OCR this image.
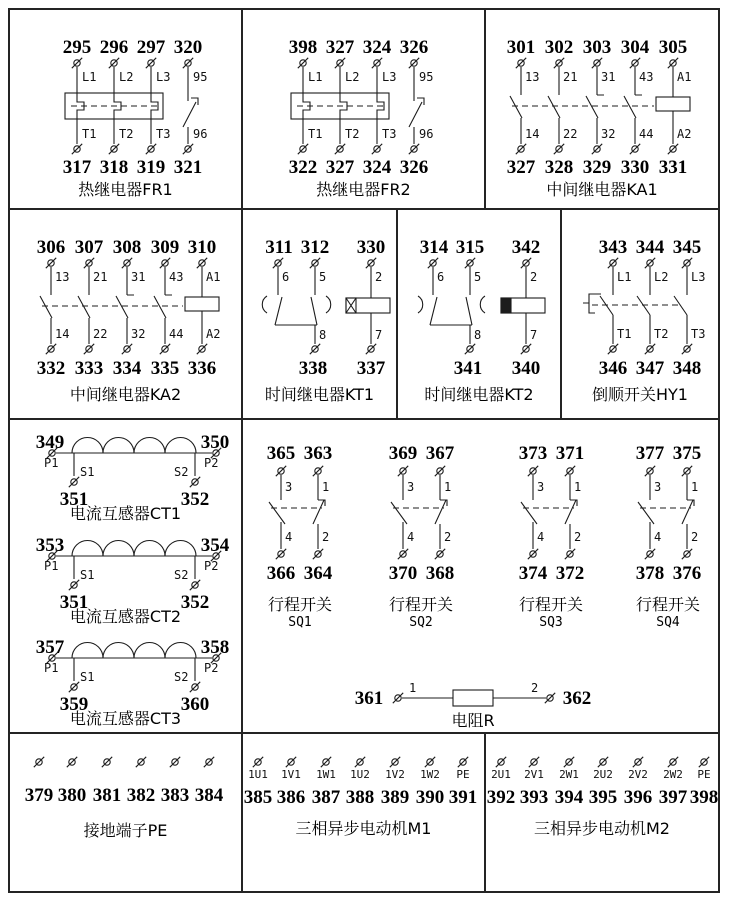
295 296 297 320
L1 L2 L3 95
T1 T2 T3 96
317 318 319 321
热继电器FR1
398 327 324 326
L1 L2 L3 95
T1 T2 T3 96
322 327 324 326
热继电器FR2
301 302 303 304 305
13 21 31 43 A1
14 22 32 44 A2
327 328 329 330 331
中间继电器KA1
306 307 308 309 310
13 21 31 43 A1
14 22 32 44 A2
332 333 334 335 336
中间继电器KA2
311 312 330
6 5	2
8	7
338 337
时间继电器KT1
314 315 342
6 5	2
8	7
341 340
时间继电器KT2
343 344 345
L1 L2 L3
T1 T2 T3
346 347 348
倒顺开关HY1
349	350
P1	P2
S1	S2
351	352
电流互感器CT1
353	354
P1	P2
S1	S2
351	352
电流互感器CT2
357	358
P1	P2
S1	S2
359	360
电流互感器CT3
365 363
3 1
4 2
366 364
行程开关
SQ1
369 367
3 1
4 2
370 368
行程开关
SQ2
373 371
3 1
4 2
374 372
行程开关
SQ3
377 375
3 1
4 2
378 376
行程开关
SQ4
361 1	2 362
电阻R
379 380 381 382 383 384
接地端子PE
1U1 1V1 1W1 1U2 1V2 1W2 PE
385 386 387 388 389 390 391
三相异步电动机M1
2U1 2V1 2W1 2U2 2V2 2W2 PE
392 393 394 395 396 397 398
三相异步电动机M2
